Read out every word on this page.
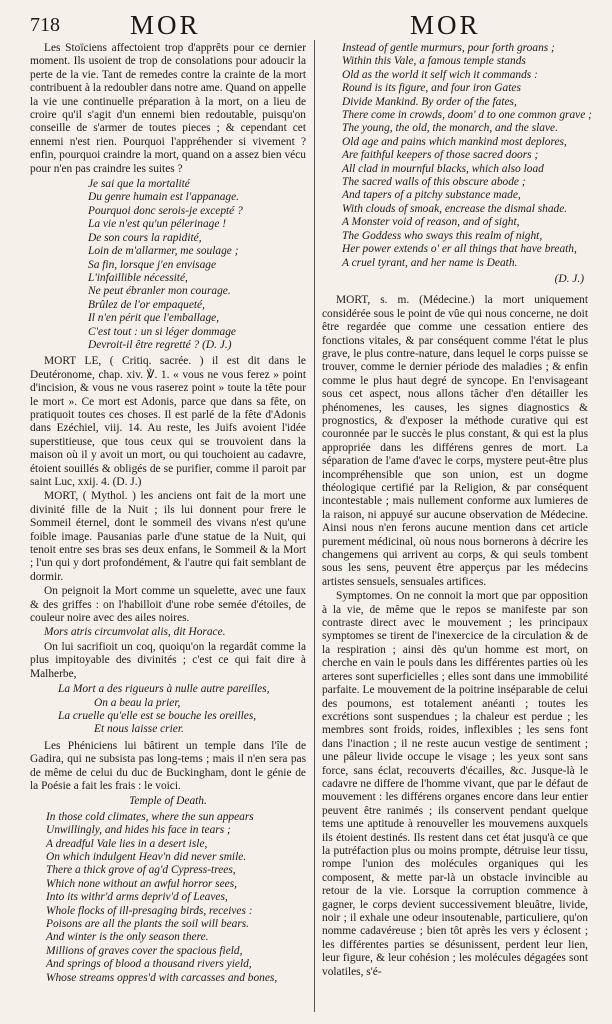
718	MOR	MOR

Les Stoïciens affectoient trop d'apprêts pour ce dernier moment. Ils usoient de trop de consolations pour adoucir la perte de la vie. Tant de remedes contre la crainte de la mort contribuent à la redoubler dans notre ame. Quand on appelle la vie une continuelle préparation à la mort, on a lieu de croire qu'il s'agit d'un ennemi bien redoutable, puisqu'on conseille de s'armer de toutes pieces ; & cependant cet ennemi n'est rien. Pourquoi l'appréhender si vivement ? enfin, pourquoi craindre la mort, quand on a assez bien vécu pour n'en pas craindre les suites ?

Je sai que la mortalité
Du genre humain est l'appanage.
Pourquoi donc serois-je excepté ?
La vie n'est qu'un pélerinage !
De son cours la rapidité,
Loin de m'allarmer, me soulage ;
Sa fin, lorsque j'en envisage
L'infaillible nécessité,
Ne peut ébranler mon courage.
Brûlez de l'or empaqueté,
Il n'en périt que l'emballage,
C'est tout : un si léger dommage
Devroit-il être regretté ? (D. J.)

MORT LE, ( Critiq. sacrée. ) il est dit dans le Deutéronome, chap. xiv. ℣. 1. « vous ne vous ferez » point d'incision, & vous ne vous raserez point » toute la tête pour le mort ». Ce mort est Adonis, parce que dans sa fête, on pratiquoit toutes ces choses. Il est parlé de la fête d'Adonis dans Ezéchiel, viij. 14. Au reste, les Juifs avoient l'idée superstitieuse, que tous ceux qui se trouvoient dans la maison où il y avoit un mort, ou qui touchoient au cadavre, étoient souillés & obligés de se purifier, comme il paroit par saint Luc, xxij. 4. (D. J.)

MORT, ( Mythol. ) les anciens ont fait de la mort une divinité fille de la Nuit ; ils lui donnent pour frere le Sommeil éternel, dont le sommeil des vivans n'est qu'une foible image. Pausanias parle d'une statue de la Nuit, qui tenoit entre ses bras ses deux enfans, le Sommeil & la Mort ; l'un qui y dort profondément, & l'autre qui fait semblant de dormir.

On peignoit la Mort comme un squelette, avec une faux & des griffes : on l'habilloit d'une robe semée d'étoiles, de couleur noire avec des ailes noires.

Mors atris circumvolat alis, dit Horace.

On lui sacrifioit un coq, quoiqu'on la regardât comme la plus impitoyable des divinités ; c'est ce qui fait dire à Malherbe,

La Mort a des rigueurs à nulle autre pareilles,
On a beau la prier,
La cruelle qu'elle est se bouche les oreilles,
Et nous laisse crier.

Les Phéniciens lui bâtirent un temple dans l'île de Gadira, qui ne subsista pas long-tems ; mais il n'en sera pas de même de celui du duc de Buckingham, dont le génie de la Poésie a fait les frais : le voici.

Temple of Death.
In those cold climates, where the sun appears
Unwillingly, and hides his face in tears ;
A dreadful Vale lies in a desert isle,
On which indulgent Heav'n did never smile.
There a thick grove of ag'd Cypress-trees,
Which none without an awful horror sees,
Into its withr'd arms depriv'd of Leaves,
Whole flocks of ill-presaging birds, receives :
Poisons are all the plants the soil will bears.
And winter is the only season there.
Millions of graves cover the spacious field,
And springs of blood a thousand rivers yield,
Whose streams oppres'd with carcasses and bones,
Instead of gentle murmurs, pour forth groans ;
Within this Vale, a famous temple stands
Old as the world it self wich it commands :
Round is its figure, and four iron Gates
Divide Mankind. By order of the fates,
There come in crowds, doom' d to one common grave ;
The young, the old, the monarch, and the slave.
Old age and pains which mankind most deplores,
Are faithful keepers of those sacred doors ;
All clad in mournful blacks, which also load
The sacred walls of this obscure abode ;
And tapers of a pitchy substance made,
With clouds of smoak, encrease the dismal shade.
A Monster void of reason, and of sight,
The Goddess who sways this realm of night,
Her power extends o' er all things that have breath,
A cruel tyrant, and her name is Death.
(D. J.)

MORT, s. m. (Médecine.) la mort uniquement considérée sous le point de vûe qui nous concerne, ne doit être regardée que comme une cessation entiere des fonctions vitales, & par conséquent comme l'état le plus grave, le plus contre-nature, dans lequel le corps puisse se trouver, comme le dernier période des maladies ; & enfin comme le plus haut degré de syncope. En l'envisageant sous cet aspect, nous allons tâcher d'en détailler les phénomenes, les causes, les signes diagnostics & prognostics, & d'exposer la méthode curative qui est couronnée par le succès le plus constant, & qui est la plus appropriée dans les différens genres de mort. La séparation de l'ame d'avec le corps, mystere peut-être plus incompréhensible que son union, est un dogme théologique certifié par la Religion, & par conséquent incontestable ; mais nullement conforme aux lumieres de la raison, ni appuyé sur aucune observation de Médecine. Ainsi nous n'en ferons aucune mention dans cet article purement médicinal, où nous nous bornerons à décrire les changemens qui arrivent au corps, & qui seuls tombent sous les sens, peuvent être apperçus par les médecins artistes sensuels, sensuales artifices.

Symptomes. On ne connoit la mort que par opposition à la vie, de même que le repos se manifeste par son contraste direct avec le mouvement ; les principaux symptomes se tirent de l'inexercice de la circulation & de la respiration ; ainsi dès qu'un homme est mort, on cherche en vain le pouls dans les différentes parties où les arteres sont superficielles ; elles sont dans une immobilité parfaite. Le mouvement de la poitrine inséparable de celui des poumons, est totalement anéanti ; toutes les excrétions sont suspendues ; la chaleur est perdue ; les membres sont froids, roides, inflexibles ; les sens font dans l'inaction ; il ne reste aucun vestige de sentiment ; une pâleur livide occupe le visage ; les yeux sont sans force, sans éclat, recouverts d'écailles, &c. Jusque-là le cadavre ne differe de l'homme vivant, que par le défaut de mouvement : les différens organes encore dans leur entier peuvent être ranimés ; ils conservent pendant quelque tems une aptitude à renouveller les mouvemens auxquels ils étoient destinés. Ils restent dans cet état jusqu'à ce que la putréfaction plus ou moins prompte, détruise leur tissu, rompe l'union des molécules organiques qui les composent, & mette par-là un obstacle invincible au retour de la vie. Lorsque la corruption commence à gagner, le corps devient successivement bleuâtre, livide, noir ; il exhale une odeur insoutenable, particuliere, qu'on nomme cadavéreuse ; bien tôt après les vers y éclosent ; les différentes parties se désunissent, perdent leur lien, leur figure, & leur cohésion ; les molécules dégagées sont volatiles, s'é-
